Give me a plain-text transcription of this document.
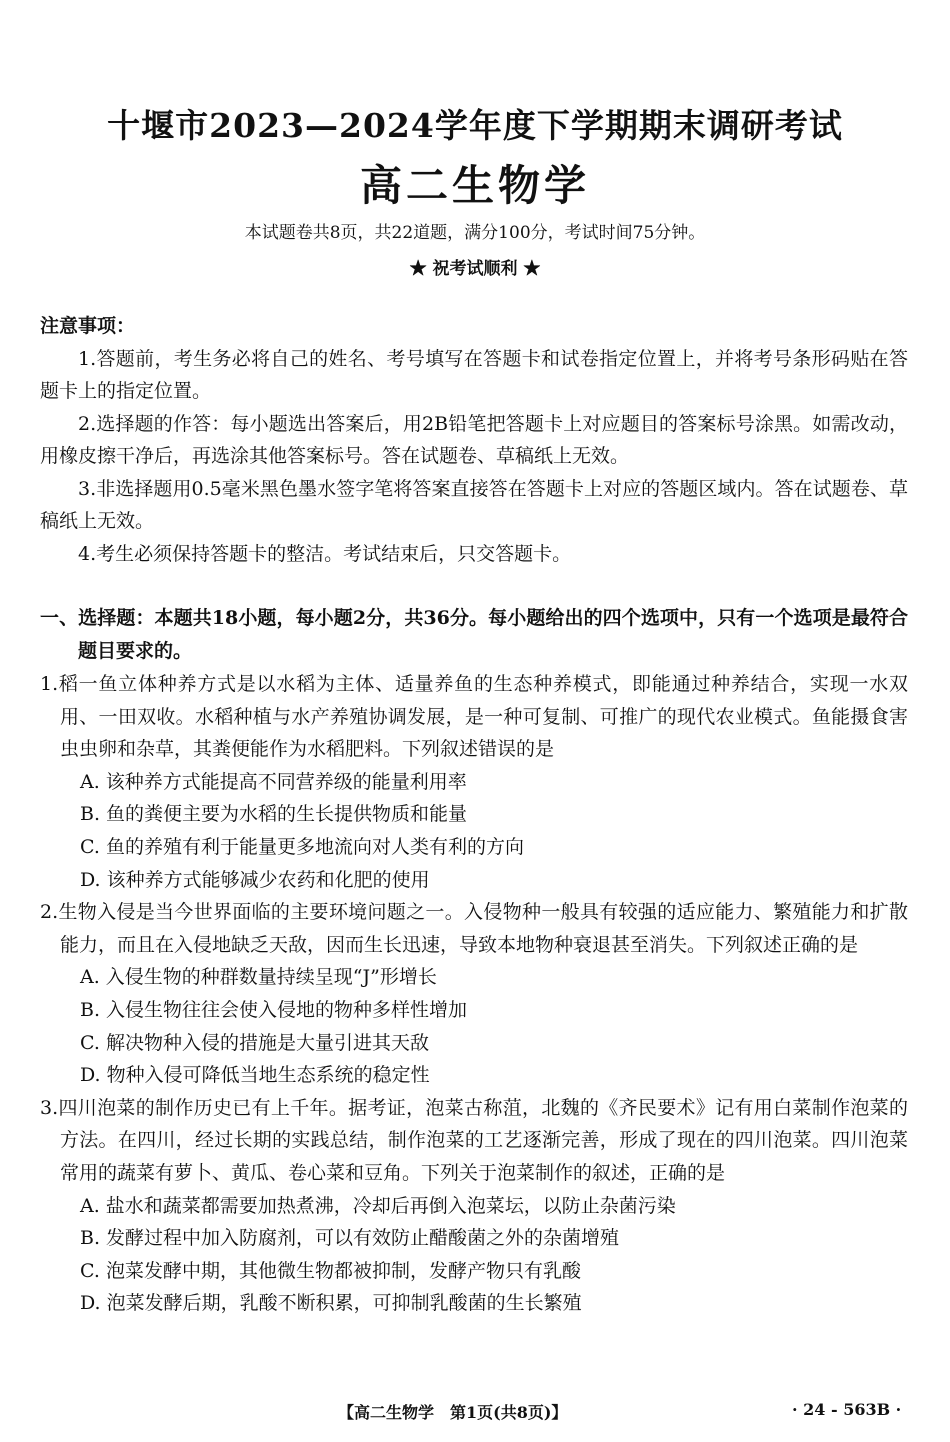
十堰市2023—2024学年度下学期期末调研考试
高二生物学
本试题卷共8页，共22道题，满分100分，考试时间75分钟。
★ 祝考试顺利 ★
注意事项：

1.答题前，考生务必将自己的姓名、考号填写在答题卡和试卷指定位置上，并将考号条形码贴在答题卡上的指定位置。

2.选择题的作答：每小题选出答案后，用2B铅笔把答题卡上对应题目的答案标号涂黑。如需改动，用橡皮擦干净后，再选涂其他答案标号。答在试题卷、草稿纸上无效。

3.非选择题用0.5毫米黑色墨水签字笔将答案直接答在答题卡上对应的答题区域内。答在试题卷、草稿纸上无效。

4.考生必须保持答题卡的整洁。考试结束后，只交答题卡。

一、选择题：本题共18小题，每小题2分，共36分。每小题给出的四个选项中，只有一个选项是最符合题目要求的。
1.稻一鱼立体种养方式是以水稻为主体、适量养鱼的生态种养模式，即能通过种养结合，实现一水双用、一田双收。水稻种植与水产养殖协调发展，是一种可复制、可推广的现代农业模式。鱼能摄食害虫虫卵和杂草，其粪便能作为水稻肥料。下列叙述错误的是
A. 该种养方式能提高不同营养级的能量利用率
B. 鱼的粪便主要为水稻的生长提供物质和能量
C. 鱼的养殖有利于能量更多地流向对人类有利的方向
D. 该种养方式能够减少农药和化肥的使用
2.生物入侵是当今世界面临的主要环境问题之一。入侵物种一般具有较强的适应能力、繁殖能力和扩散能力，而且在入侵地缺乏天敌，因而生长迅速，导致本地物种衰退甚至消失。下列叙述正确的是
A. 入侵生物的种群数量持续呈现“J”形增长
B. 入侵生物往往会使入侵地的物种多样性增加
C. 解决物种入侵的措施是大量引进其天敌
D. 物种入侵可降低当地生态系统的稳定性
3.四川泡菜的制作历史已有上千年。据考证，泡菜古称菹，北魏的《齐民要术》记有用白菜制作泡菜的方法。在四川，经过长期的实践总结，制作泡菜的工艺逐渐完善，形成了现在的四川泡菜。四川泡菜常用的蔬菜有萝卜、黄瓜、卷心菜和豆角。下列关于泡菜制作的叙述，正确的是
A. 盐水和蔬菜都需要加热煮沸，冷却后再倒入泡菜坛，以防止杂菌污染
B. 发酵过程中加入防腐剂，可以有效防止醋酸菌之外的杂菌增殖
C. 泡菜发酵中期，其他微生物都被抑制，发酵产物只有乳酸
D. 泡菜发酵后期，乳酸不断积累，可抑制乳酸菌的生长繁殖
【高二生物学　第1页(共8页)】	· 24 - 563B ·
